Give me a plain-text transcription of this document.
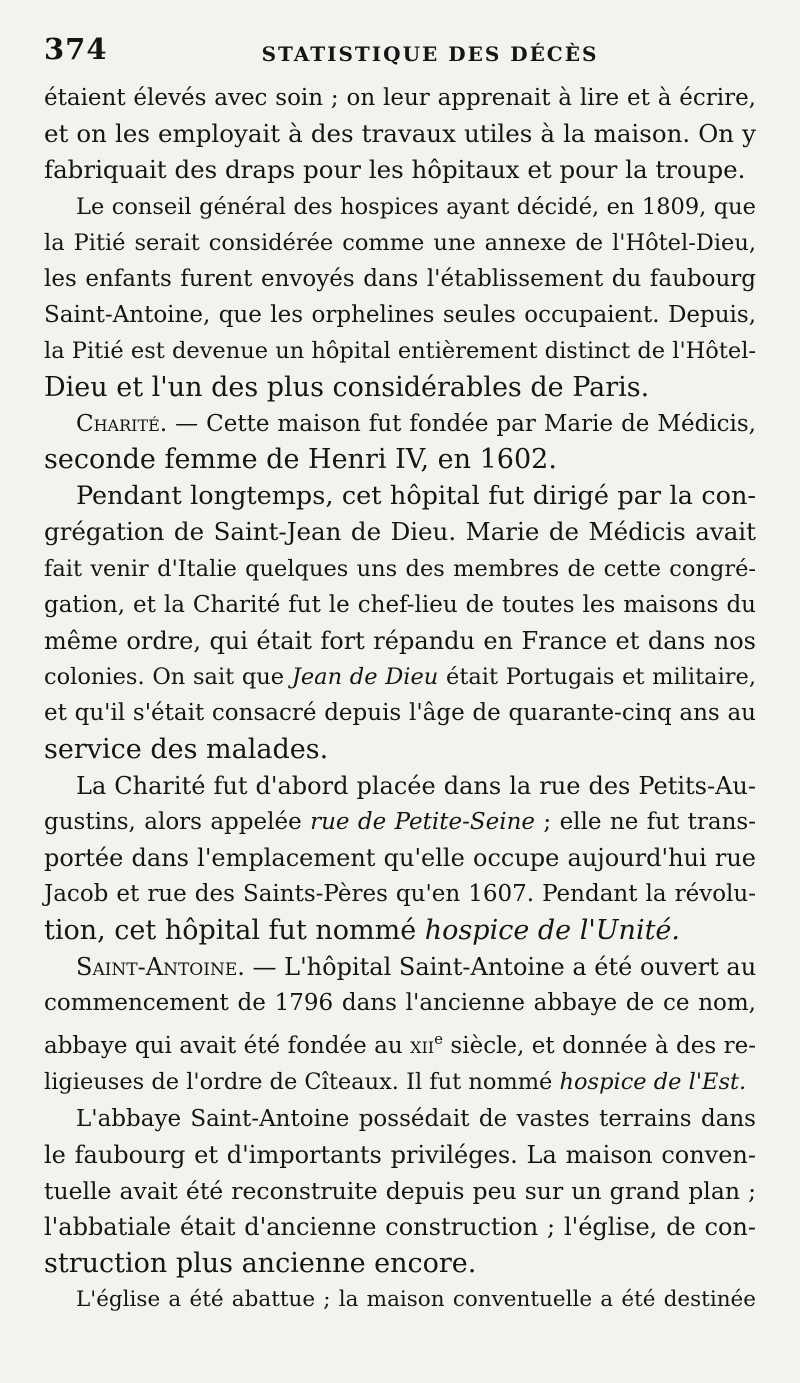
374	STATISTIQUE DES DÉCÈS

étaient élevés avec soin ; on leur apprenait à lire et à écrire,
et on les employait à des travaux utiles à la maison. On y
fabriquait des draps pour les hôpitaux et pour la troupe.

Le conseil général des hospices ayant décidé, en 1809, que
la Pitié serait considérée comme une annexe de l'Hôtel-Dieu,
les enfants furent envoyés dans l'établissement du faubourg
Saint-Antoine, que les orphelines seules occupaient. Depuis,
la Pitié est devenue un hôpital entièrement distinct de l'Hôtel-
Dieu et l'un des plus considérables de Paris.

Charité. — Cette maison fut fondée par Marie de Médicis,
seconde femme de Henri IV, en 1602.

Pendant longtemps, cet hôpital fut dirigé par la con-
grégation de Saint-Jean de Dieu. Marie de Médicis avait
fait venir d'Italie quelques uns des membres de cette congré-
gation, et la Charité fut le chef-lieu de toutes les maisons du
même ordre, qui était fort répandu en France et dans nos
colonies. On sait que Jean de Dieu était Portugais et militaire,
et qu'il s'était consacré depuis l'âge de quarante-cinq ans au
service des malades.

La Charité fut d'abord placée dans la rue des Petits-Au-
gustins, alors appelée rue de Petite-Seine ; elle ne fut trans-
portée dans l'emplacement qu'elle occupe aujourd'hui rue
Jacob et rue des Saints-Pères qu'en 1607. Pendant la révolu-
tion, cet hôpital fut nommé hospice de l'Unité.

Saint-Antoine. — L'hôpital Saint-Antoine a été ouvert au
commencement de 1796 dans l'ancienne abbaye de ce nom,
abbaye qui avait été fondée au xii$^e$ siècle, et donnée à des re-
ligieuses de l'ordre de Cîteaux. Il fut nommé hospice de l'Est.

L'abbaye Saint-Antoine possédait de vastes terrains dans
le faubourg et d'importants priviléges. La maison conven-
tuelle avait été reconstruite depuis peu sur un grand plan ;
l'abbatiale était d'ancienne construction ; l'église, de con-
struction plus ancienne encore.

L'église a été abattue ; la maison conventuelle a été destinée
